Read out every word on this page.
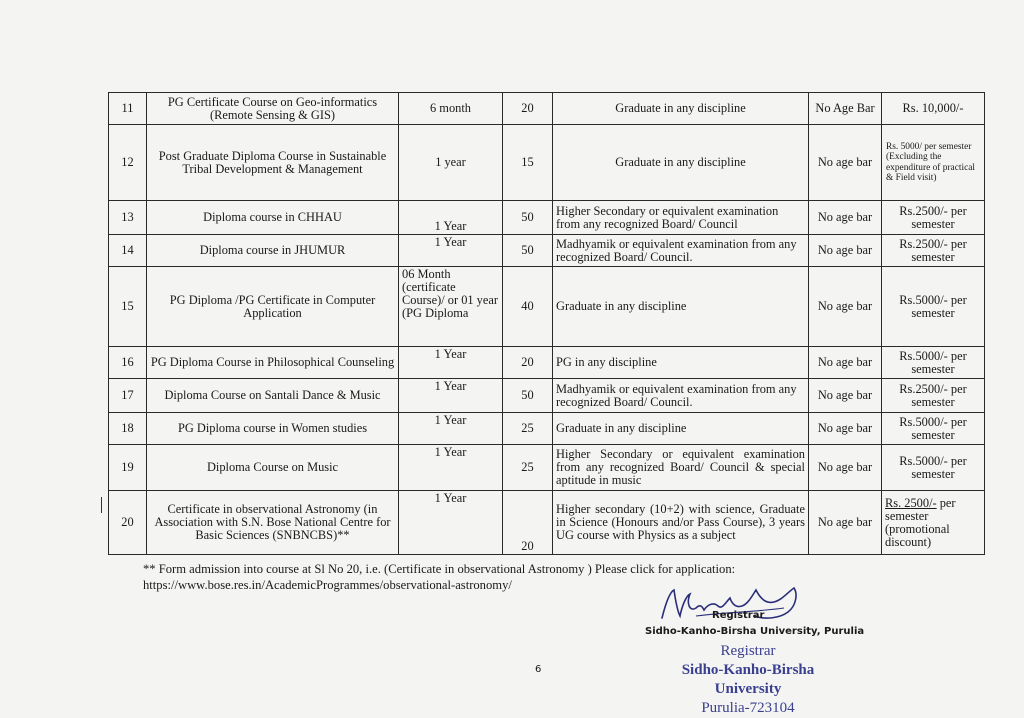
11	PG Certificate Course on Geo-informatics (Remote Sensing & GIS)	6 month	20	Graduate in any discipline	No Age Bar	Rs. 10,000/-
12	Post Graduate Diploma Course in Sustainable Tribal Development & Management	1 year	15	Graduate in any discipline	No age bar	Rs. 5000/ per semester (Excluding the expenditure of practical & Field visit)
13	Diploma course in CHHAU	1 Year	50	Higher Secondary or equivalent examination from any recognized Board/ Council	No age bar	Rs.2500/- per semester
14	Diploma course in JHUMUR	1 Year	50	Madhyamik or equivalent examination from any recognized Board/ Council.	No age bar	Rs.2500/- per semester
15	PG Diploma /PG Certificate in Computer Application	06 Month (certificate Course)/ or 01 year (PG Diploma	40	Graduate in any discipline	No age bar	Rs.5000/- per semester
16	PG Diploma Course in Philosophical Counseling	1 Year	20	PG in any discipline	No age bar	Rs.5000/- per semester
17	Diploma Course on Santali Dance & Music	1 Year	50	Madhyamik or equivalent examination from any recognized Board/ Council.	No age bar	Rs.2500/- per semester
18	PG Diploma course in Women studies	1 Year	25	Graduate in any discipline	No age bar	Rs.5000/- per semester
19	Diploma Course on Music	1 Year	25	Higher Secondary or equivalent examination from any recognized Board/ Council & special aptitude in music	No age bar	Rs.5000/- per semester
20	Certificate in observational Astronomy (in Association with S.N. Bose National Centre for Basic Sciences (SNBNCBS)**	1 Year	20	Higher secondary (10+2) with science, Graduate in Science (Honours and/or Pass Course), 3 years UG course with Physics as a subject	No age bar	Rs. 2500/- per semester (promotional discount)
** Form admission into course at Sl No 20, i.e. (Certificate in observational Astronomy ) Please click for application:
https://www.bose.res.in/AcademicProgrammes/observational-astronomy/
Registrar
Sidho-Kanho-Birsha University, Purulia
Registrar
Sidho-Kanho-Birsha University
Purulia-723104
6
